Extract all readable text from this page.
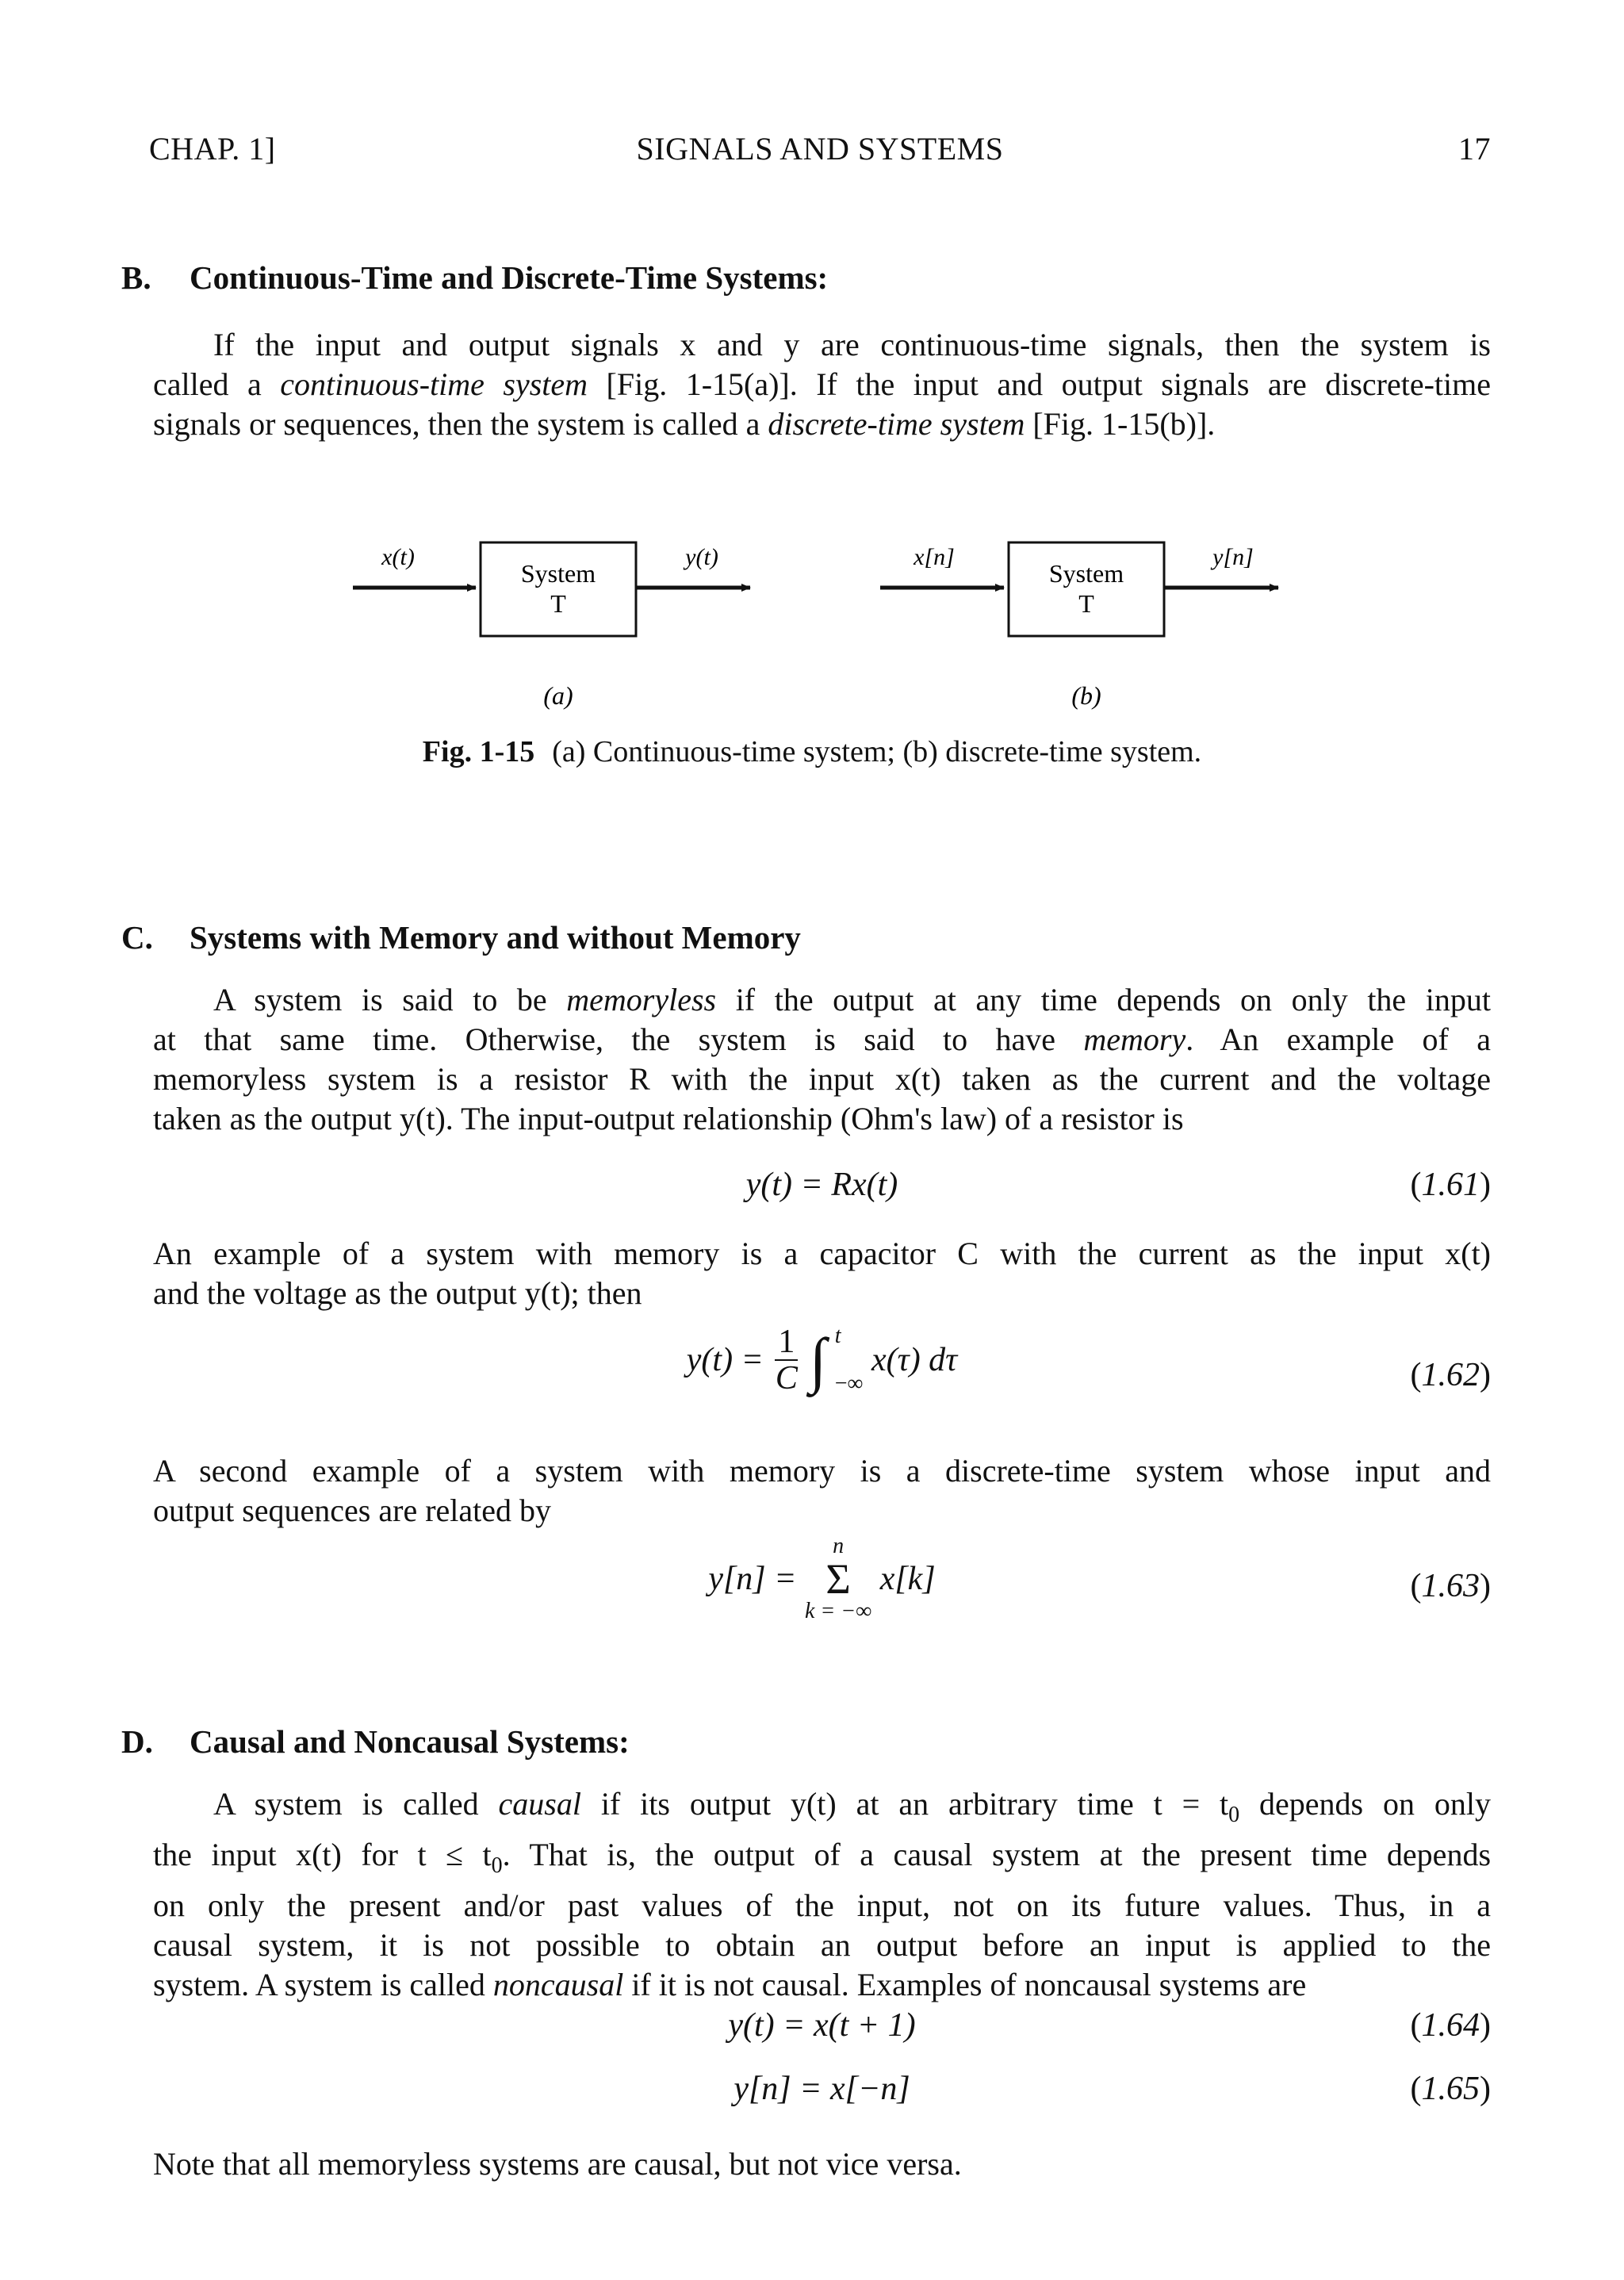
CHAP. 1]	SIGNALS AND SYSTEMS	17
B. Continuous-Time and Discrete-Time Systems:
If the input and output signals x and y are continuous-time signals, then the system is
called a continuous-time system [Fig. 1-15(a)]. If the input and output signals are discrete-time
signals or sequences, then the system is called a discrete-time system [Fig. 1-15(b)].
x(t)	y(t)
System
T
(a)
x[n]	y[n]
System
T
(b)
Fig. 1-15 (a) Continuous-time system; (b) discrete-time system.
C. Systems with Memory and without Memory
A system is said to be memoryless if the output at any time depends on only the input
at that same time. Otherwise, the system is said to have memory. An example of a
memoryless system is a resistor R with the input x(t) taken as the current and the voltage
taken as the output y(t). The input-output relationship (Ohm's law) of a resistor is
y(t) = Rx(t)	(1.61)
An example of a system with memory is a capacitor C with the current as the input x(t)
and the voltage as the output y(t); then
$y(t) = \frac{1}{C}$ ∫ t

−∞ x(τ) dτ	(1.62)
A second example of a system with memory is a discrete-time system whose input and
output sequences are related by
y[n] =
n
Σ
k = −∞
x[k]	(1.63)
D. Causal and Noncausal Systems:
A system is called causal if its output y(t) at an arbitrary time $t = t_0$ depends on only
the input x(t) for $t \le t_0$. That is, the output of a causal system at the present time depends
on only the present and/or past values of the input, not on its future values. Thus, in a
causal system, it is not possible to obtain an output before an input is applied to the
system. A system is called noncausal if it is not causal. Examples of noncausal systems are
y(t) = x(t + 1)	(1.64)
y[n] = x[−n]	(1.65)
Note that all memoryless systems are causal, but not vice versa.
